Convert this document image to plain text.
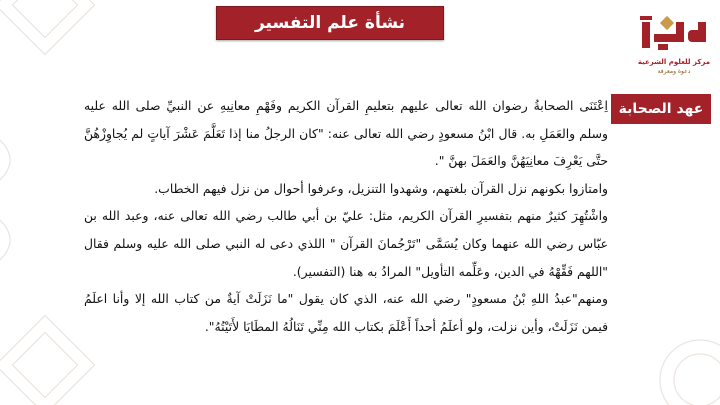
نشأة علم التفسير
مركز للعلوم الشرعية
دعوة ومعرفة
عهد الصحابة

اِعْتَنَى الصحابةُ رضوان الله تعالى عليهم بتعليمِ القرآن الكريم وفَهْمِ معانِيهِ عن النبيِّ صلى الله عليه وسلم والعَمَلِ به. قال ابْنُ مسعودٍ رضي الله تعالى عنه: "كان الرجلُ منا إذا تَعَلَّمَ عَشْرَ آياتٍ لم يُجاوِزْهُنَّ حتَّى يَعْرِفَ معانِيَهُنَّ والعَمَلَ بهنَّ ".

وامتازوا بكونهم نزل القرآن بلغتهم، وشهدوا التنزيل، وعرفوا أحوال من نزل فيهم الخطاب.

واشْتُهِرَ كثيرٌ منهم بتفسيرِ القرآن الكريم، مثل: عليّ بن أبي طالب رضي الله تعالى عنه، وعبد الله بن عبّاس رضي الله عنهما وكان يُسَمَّى "تَرْجُمانَ القرآن " اللذي دعى له النبي صلى الله عليه وسلم فقال "اللهم فَقِّهْهُ في الدين، وعَلِّمه التأويل" المرادُ به هنا (التفسير).

ومنهم"عبدُ اللهِ بْنُ مسعودٍ" رضي الله عنه، الذي كان يقول "ما نَزَلَتْ آيةٌ من كتاب الله إلا وأنا اعلَمُ فيمن نَزَلَتْ، وأين نزلت، ولو أعلَمُ أحداً أَعْلَمَ بكتاب الله مِنِّي تَنَالُهُ المطَايَا لأَتَيْتُهُ".
